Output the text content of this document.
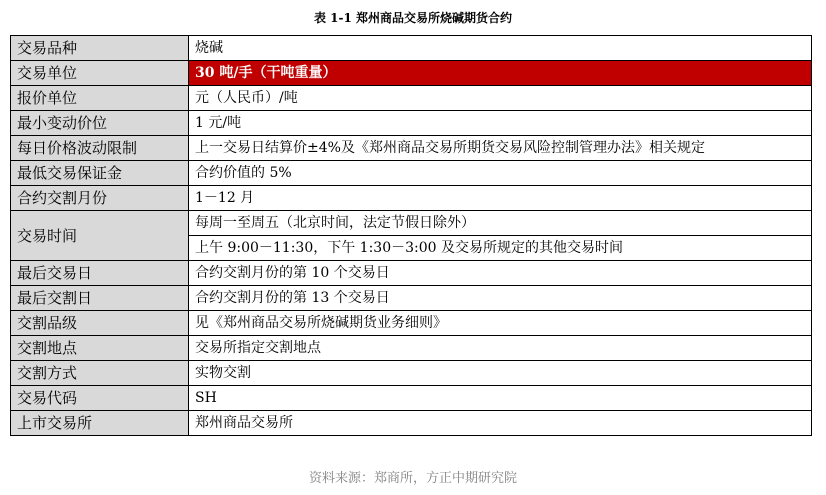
表 1-1 郑州商品交易所烧碱期货合约
交易品种	烧碱
交易单位	30 吨/手（干吨重量）
报价单位	元（人民币）/吨
最小变动价位	1 元/吨
每日价格波动限制	上一交易日结算价±4%及《郑州商品交易所期货交易风险控制管理办法》相关规定
最低交易保证金	合约价值的 5%
合约交割月份	1－12 月
交易时间	每周一至周五（北京时间，法定节假日除外）
	上午 9:00－11:30，下午 1:30－3:00 及交易所规定的其他交易时间
最后交易日	合约交割月份的第 10 个交易日
最后交割日	合约交割月份的第 13 个交易日
交割品级	见《郑州商品交易所烧碱期货业务细则》
交割地点	交易所指定交割地点
交割方式	实物交割
交易代码	SH
上市交易所	郑州商品交易所
资料来源：郑商所，方正中期研究院
